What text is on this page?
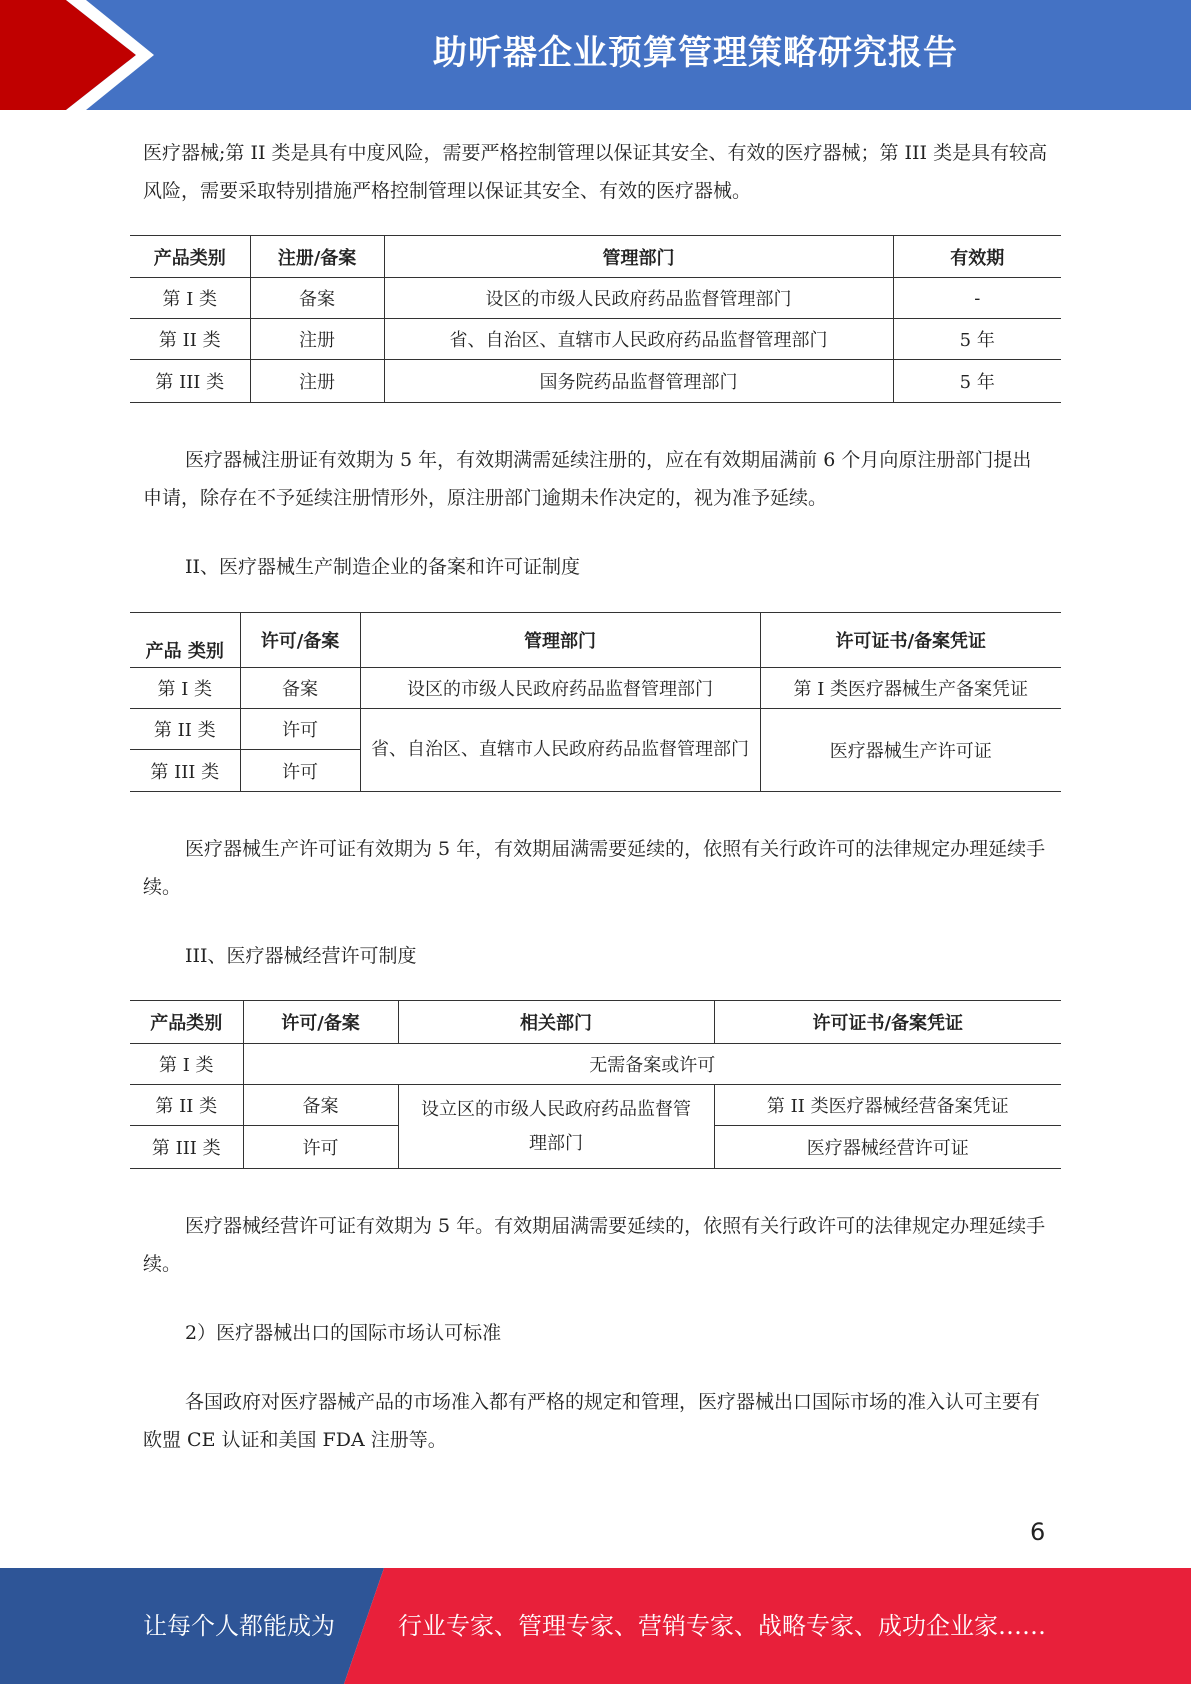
助听器企业预算管理策略研究报告

医疗器械;第 II 类是具有中度风险，需要严格控制管理以保证其安全、有效的医疗器械；第 III 类是具有较高风险，需要采取特别措施严格控制管理以保证其安全、有效的医疗器械。

产品类别	注册/备案	管理部门	有效期
第 I 类	备案	设区的市级人民政府药品监督管理部门	-
第 II 类	注册	省、自治区、直辖市人民政府药品监督管理部门	5 年
第 III 类	注册	国务院药品监督管理部门	5 年

医疗器械注册证有效期为 5 年，有效期满需延续注册的，应在有效期届满前 6 个月向原注册部门提出申请，除存在不予延续注册情形外，原注册部门逾期未作决定的，视为准予延续。

II、医疗器械生产制造企业的备案和许可证制度

产品 类别	许可/备案	管理部门	许可证书/备案凭证
第 I 类	备案	设区的市级人民政府药品监督管理部门	第 I 类医疗器械生产备案凭证
第 II 类	许可	省、自治区、直辖市人民政府药品监督管理部门	医疗器械生产许可证
第 III 类	许可		

医疗器械生产许可证有效期为 5 年，有效期届满需要延续的，依照有关行政许可的法律规定办理延续手续。

III、医疗器械经营许可制度

产品类别	许可/备案	相关部门	许可证书/备案凭证
第 I 类	无需备案或许可		
第 II 类	备案	设立区的市级人民政府药品监督管理部门	第 II 类医疗器械经营备案凭证
第 III 类	许可		医疗器械经营许可证

医疗器械经营许可证有效期为 5 年。有效期届满需要延续的，依照有关行政许可的法律规定办理延续手续。

2）医疗器械出口的国际市场认可标准

各国政府对医疗器械产品的市场准入都有严格的规定和管理，医疗器械出口国际市场的准入认可主要有欧盟 CE 认证和美国 FDA 注册等。

6
让每个人都能成为	行业专家、管理专家、营销专家、战略专家、成功企业家……
